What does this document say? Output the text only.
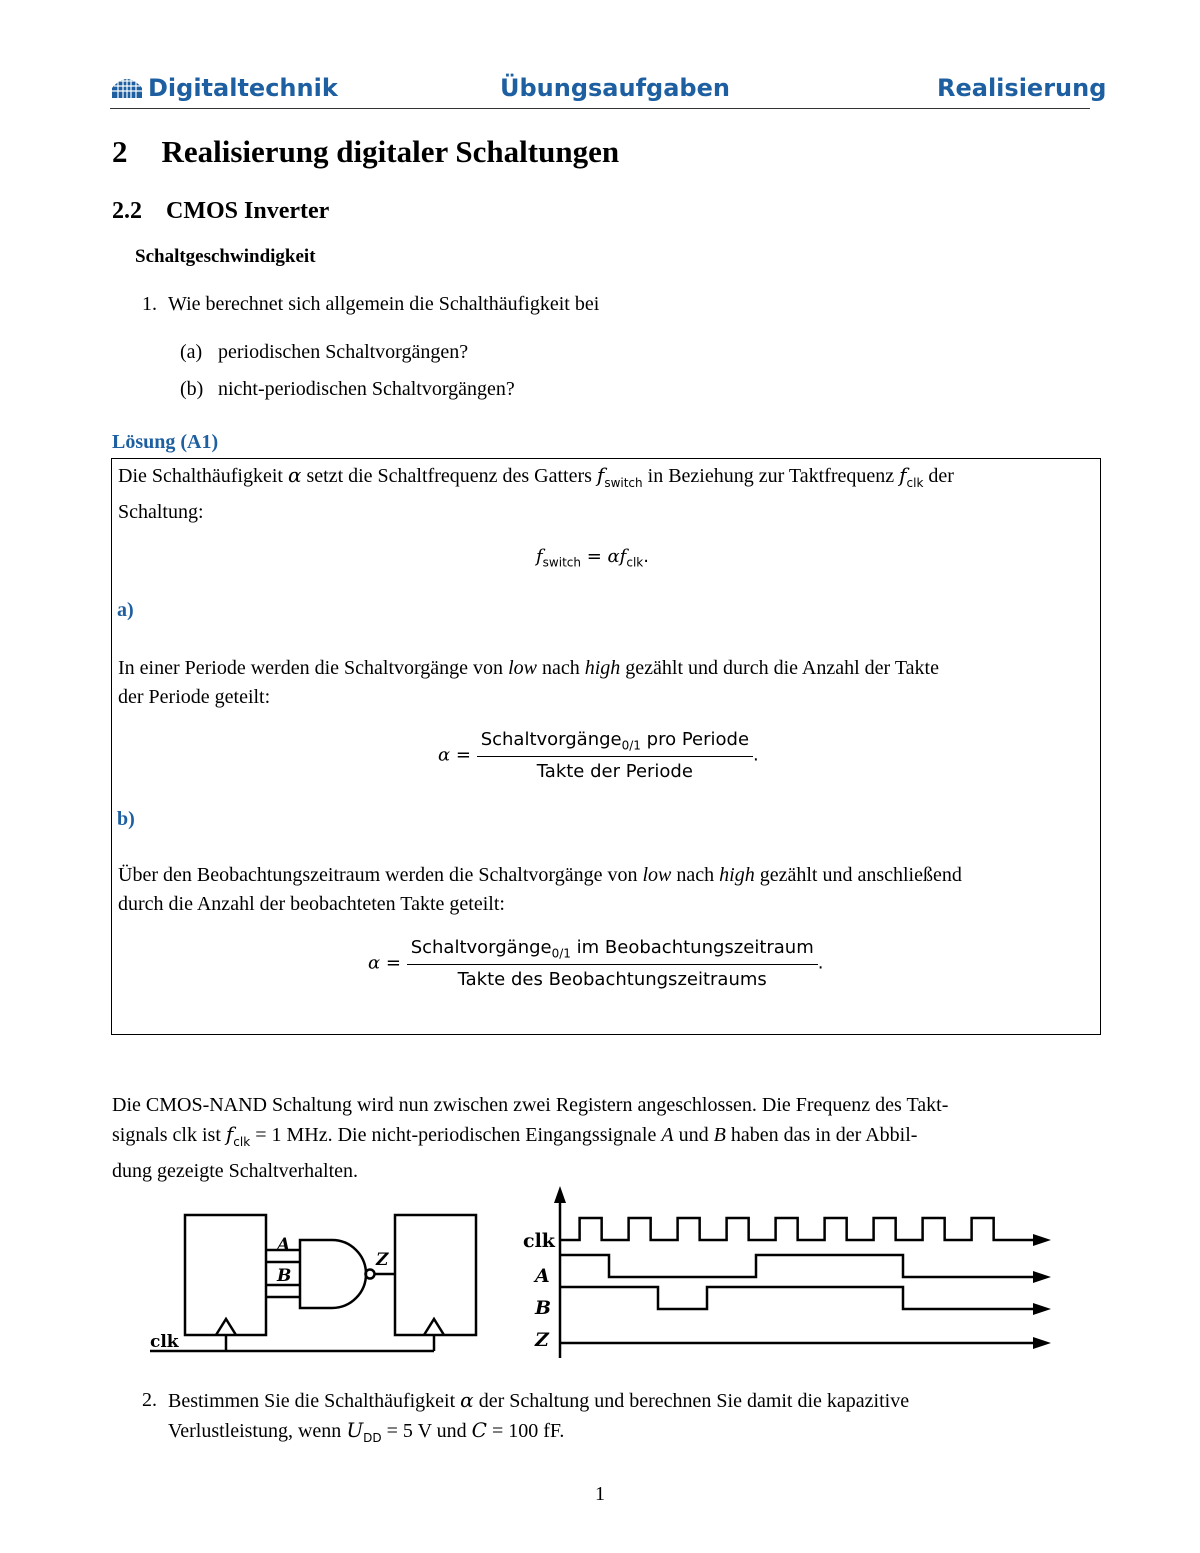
Digitaltechnik	Übungsaufgaben	Realisierung
2 Realisierung digitaler Schaltungen
2.2 CMOS Inverter
Schaltgeschwindigkeit
1. Wie berechnet sich allgemein die Schalthäufigkeit bei
(a) periodischen Schaltvorgängen?
(b) nicht-periodischen Schaltvorgängen?
Lösung (A1)
Die Schalthäufigkeit α setzt die Schaltfrequenz des Gatters $f_{switch}$ in Beziehung zur Taktfrequenz $f_{clk}$ der
Schaltung:
$f_{switch} = \alpha f_{clk}$.
a)
In einer Periode werden die Schaltvorgänge von low nach high gezählt und durch die Anzahl der Takte
der Periode geteilt:
$\alpha = \frac{Schaltvorgänge_{0/1} pro Periode}{\text{Takte der Periode}}$ .
b)
Über den Beobachtungszeitraum werden die Schaltvorgänge von low nach high gezählt und anschließend
durch die Anzahl der beobachteten Takte geteilt:
$\alpha = \frac{Schaltvorgänge_{0/1} im Beobachtungszeitraum}{\text{Takte des Beobachtungszeitraums}}$ .
Die CMOS-NAND Schaltung wird nun zwischen zwei Registern angeschlossen. Die Frequenz des Takt-
signals clk ist $f_{clk} = 1$ MHz. Die nicht-periodischen Eingangssignale A und B haben das in der Abbil-
dung gezeigte Schaltverhalten.
A
B
Z
clk
clk
A
B
Z
2. Bestimmen Sie die Schalthäufigkeit α der Schaltung und berechnen Sie damit die kapazitive
Verlustleistung, wenn $U_{DD} = 5$ V und C = 100 fF.
1
